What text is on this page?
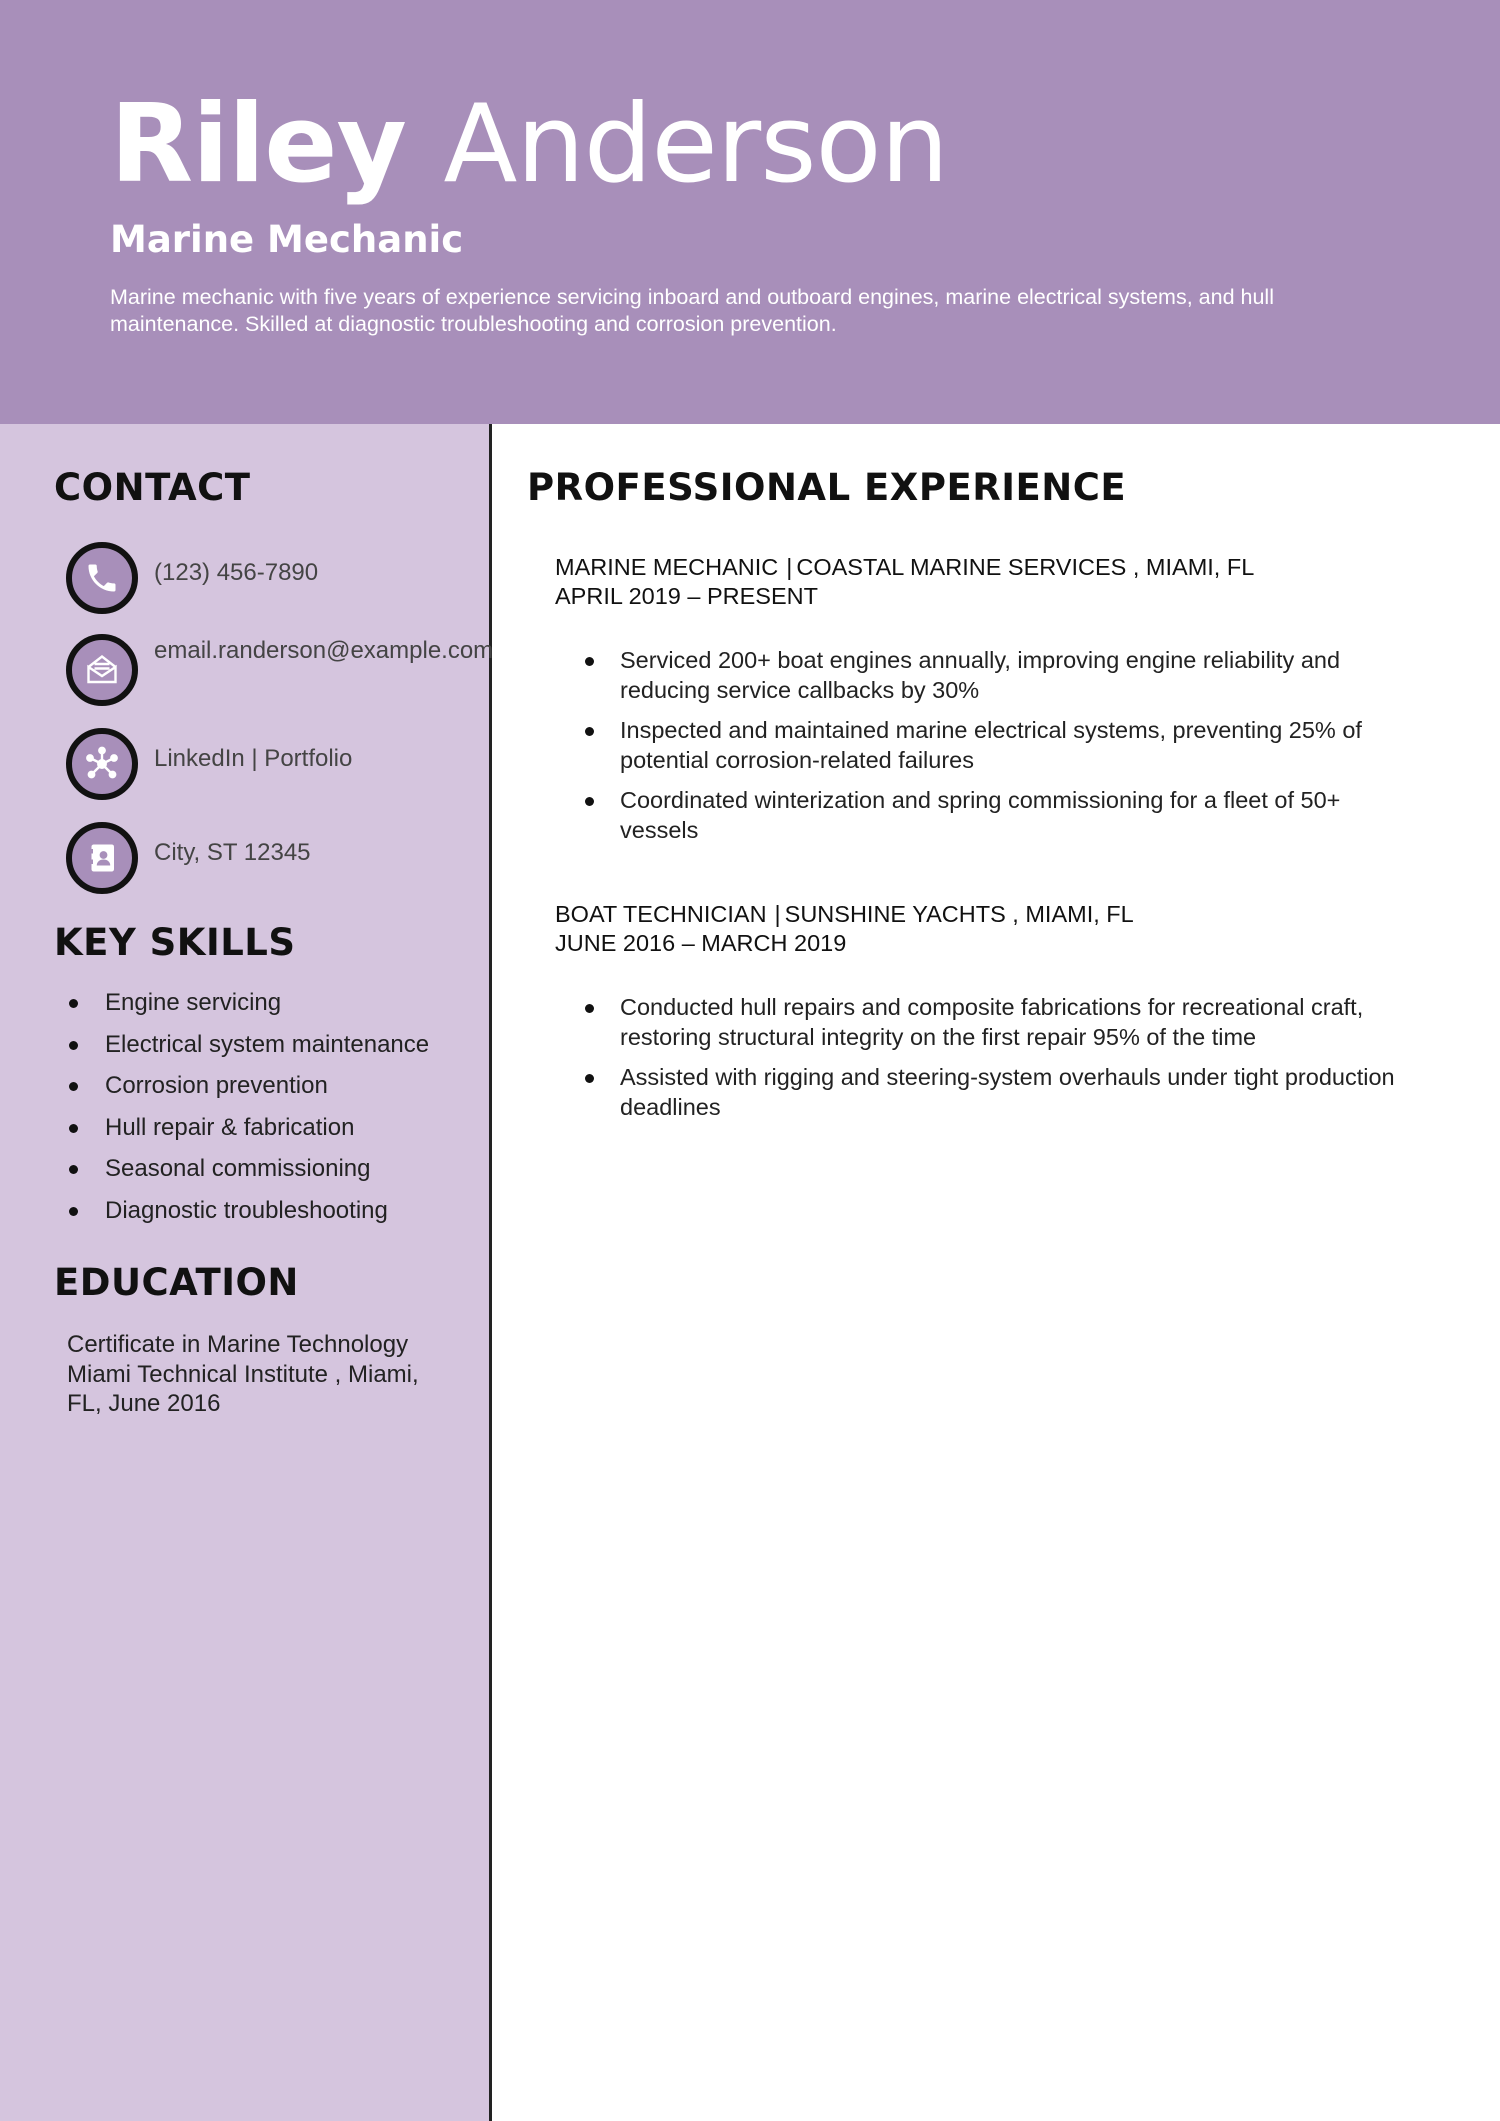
Riley Anderson
Marine Mechanic

Marine mechanic with five years of experience servicing inboard and outboard engines, marine electrical systems, and hull maintenance. Skilled at diagnostic troubleshooting and corrosion prevention.

CONTACT
(123) 456-7890
email.randerson@example.com
LinkedIn | Portfolio
City, ST 12345
KEY SKILLS
EDUCATION
Engine servicing
Electrical system maintenance
Corrosion prevention
Hull repair & fabrication
Seasonal commissioning
Diagnostic troubleshooting
Certificate in Marine Technology Miami Technical Institute , Miami, FL, June 2016
PROFESSIONAL EXPERIENCE
MARINE MECHANIC | COASTAL MARINE SERVICES , MIAMI, FL
APRIL 2019 – PRESENT
Serviced 200+ boat engines annually, improving engine reliability and reducing service callbacks by 30%
Inspected and maintained marine electrical systems, preventing 25% of potential corrosion-related failures
Coordinated winterization and spring commissioning for a fleet of 50+ vessels
BOAT TECHNICIAN | SUNSHINE YACHTS , MIAMI, FL
JUNE 2016 – MARCH 2019
Conducted hull repairs and composite fabrications for recreational craft, restoring structural integrity on the first repair 95% of the time
Assisted with rigging and steering-system overhauls under tight production deadlines
